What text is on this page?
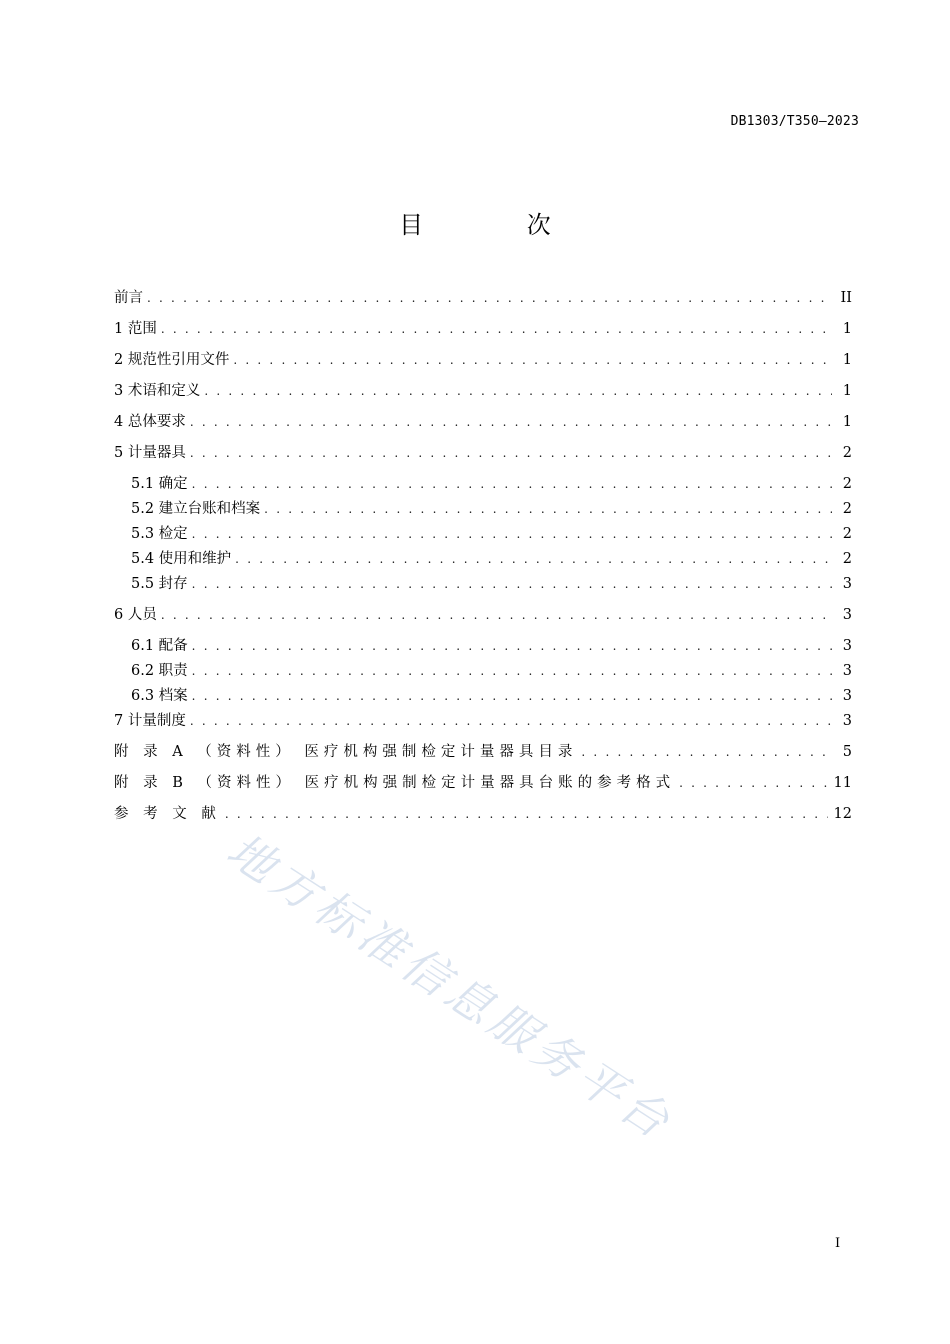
DB1303/T350—2023
目 次
前言 . . .	II
1 范围 . . .	1
2 规范性引用文件 . . .	1
3 术语和定义 . . .	1
4 总体要求 . . .	1
5 计量器具 . . .	2
5.1 确定 . . .	2
5.2 建立台账和档案 . . .	2
5.3 检定 . . .	2
5.4 使用和维护 . . .	2
5.5 封存 . . .	3
6 人员 . . .	3
6.1 配备 . . .	3
6.2 职责 . . .	3
6.3 档案 . . .	3
7 计量制度 . . .	3
附 录 A （资料性） 医疗机构强制检定计量器具目录 . . .	5
附 录 B （资料性） 医疗机构强制检定计量器具台账的参考格式 . . .	11
参 考 文 献 . . .	12
地方标准信息服务平台
I
